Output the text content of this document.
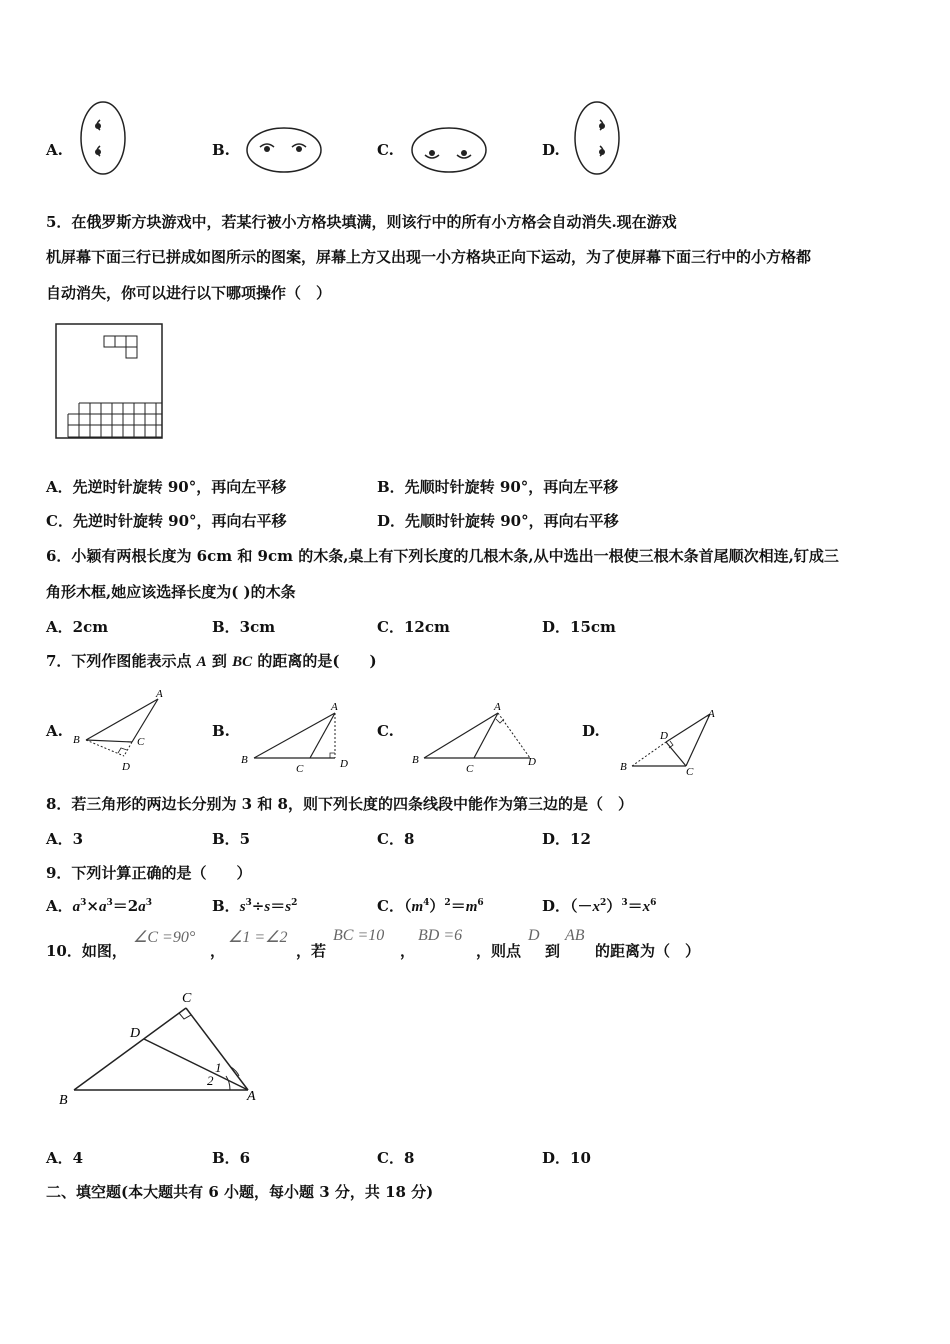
A.	B.	C.	D.
5．在俄罗斯方块游戏中，若某行被小方格块填满，则该行中的所有小方格会自动消失.现在游戏
机屏幕下面三行已拼成如图所示的图案，屏幕上方又出现一小方格块正向下运动，为了使屏幕下面三行中的小方格都
自动消失，你可以进行以下哪项操作（　）
A．先逆时针旋转 90°，再向左平移	B．先顺时针旋转 90°，再向左平移
C．先逆时针旋转 90°，再向右平移	D．先顺时针旋转 90°，再向右平移
6．小颖有两根长度为 6cm 和 9cm 的木条,桌上有下列长度的几根木条,从中选出一根使三根木条首尾顺次相连,钉成三
角形木框,她应该选择长度为( )的木条
A．2cm	B．3cm	C．12cm	D．15cm
7．下列作图能表示点 A 到 BC 的距离的是(　　)
A.
A
B	C
D
B.
A
B
C	D
C.
A
B
C
D
D.
A
B	C
D
8．若三角形的两边长分别为 3 和 8，则下列长度的四条线段中能作为第三边的是（　）
A．3	B．5	C．8	D．12
9．下列计算正确的是（　　）
A．$a^3\times a^3=2a^3$	B．$s^3\div s=s^2$	C．$(m^4)^2=m^6$	D．$(-x^2)^3=x^6$
10．如图，
∠C =90°
，
∠1 =∠2
，若
BC =10
，
BD =6
，则点
D
到
AB
的距离为（　）
C
D
B	A
1
2
A．4	B．6	C．8	D．10
二、填空题(本大题共有 6 小题，每小题 3 分，共 18 分)
